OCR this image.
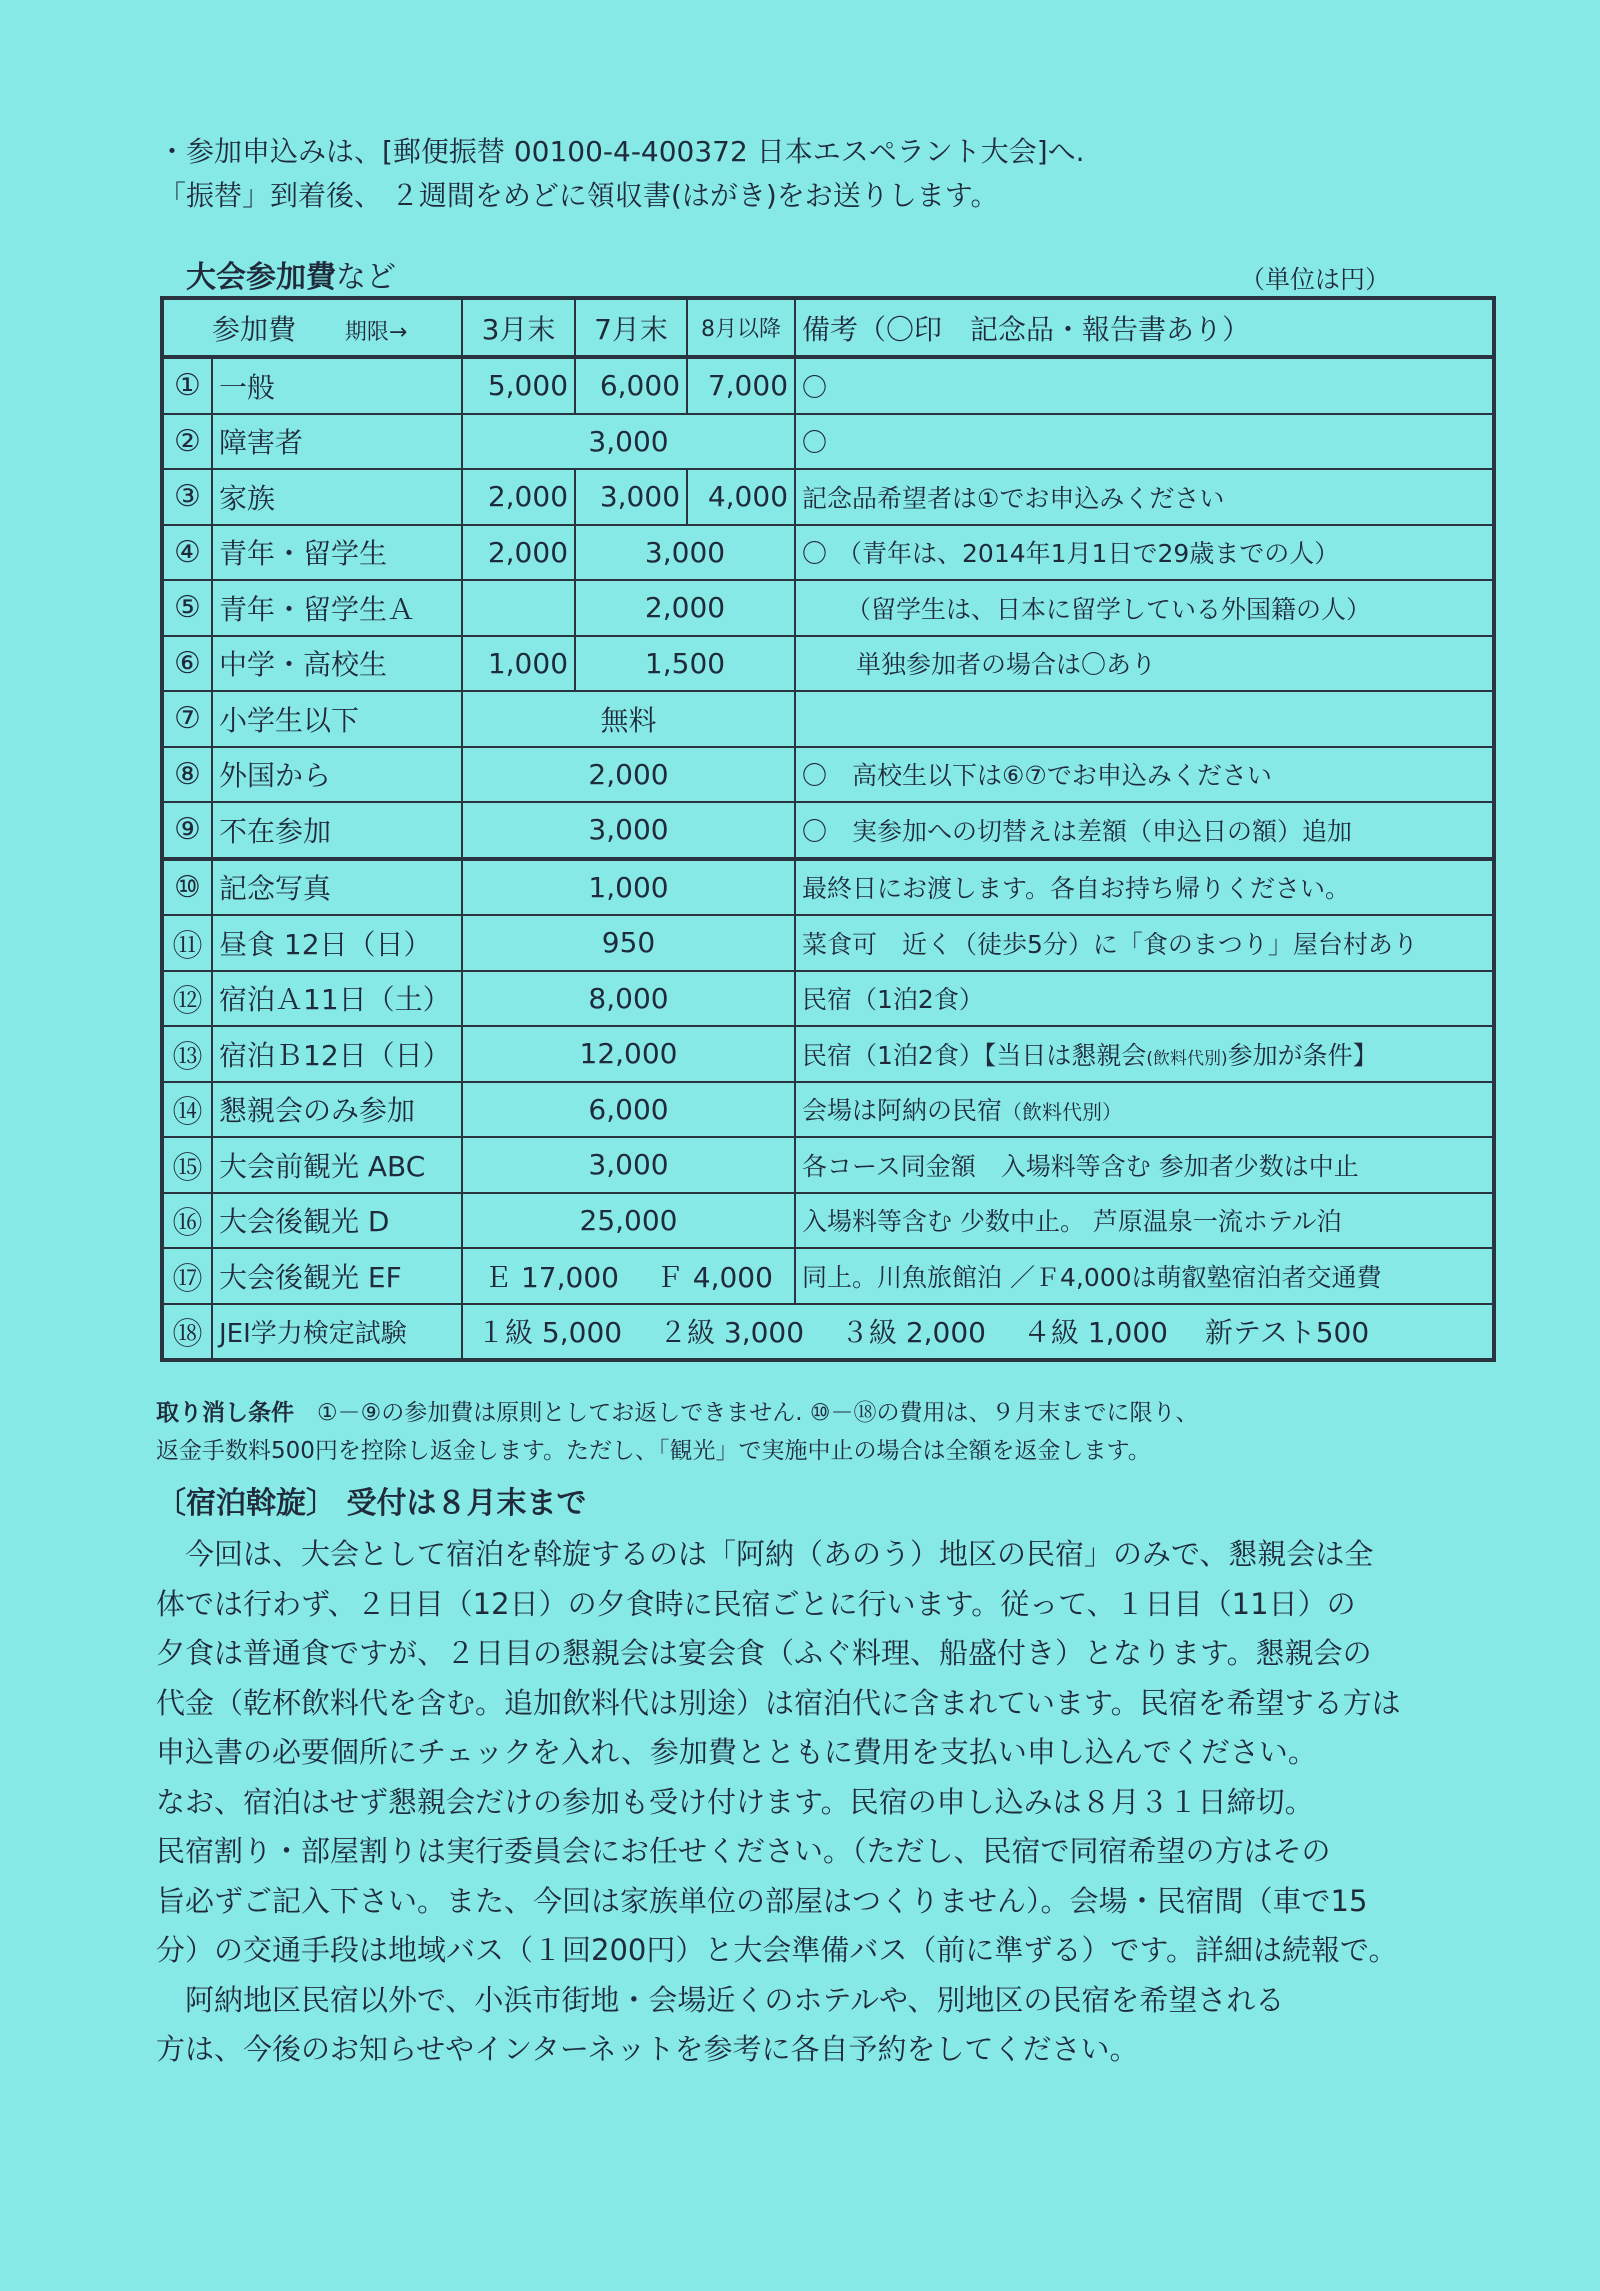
・参加申込みは、[郵便振替 00100-4-400372 日本エスペラント大会]へ.
「振替」到着後、 ２週間をめどに領収書(はがき)をお送りします。
大会参加費など	（単位は円）
参加費 期限→		3月末	7月末	8月以降	備考（〇印　記念品・報告書あり）
①	一般	5,000	6,000	7,000	〇
②	障害者	3,000			〇
③	家族	2,000	3,000	4,000	記念品希望者は①でお申込みください
④	青年・留学生	2,000	3,000		〇 （青年は、2014年1月1日で29歳までの人）
⑤	青年・留学生Ａ		2,000		（留学生は、日本に留学している外国籍の人）
⑥	中学・高校生	1,000	1,500		単独参加者の場合は〇あり
⑦	小学生以下	無料			
⑧	外国から	2,000			〇　高校生以下は⑥⑦でお申込みください
⑨	不在参加	3,000			〇　実参加への切替えは差額（申込日の額）追加
⑩	記念写真	1,000			最終日にお渡します。各自お持ち帰りください。
⑪	昼食 12日（日）	950			菜食可　近く（徒歩5分）に「食のまつり」屋台村あり
⑫	宿泊Ａ11日（土）	8,000			民宿（1泊2食）
⑬	宿泊Ｂ12日（日）	12,000			民宿（1泊2食）【当日は懇親会(飲料代別)参加が条件】
⑭	懇親会のみ参加	6,000			会場は阿納の民宿（飲料代別）
⑮	大会前観光 ABC	3,000			各コース同金額　入場料等含む 参加者少数は中止
⑯	大会後観光 D	25,000			入場料等含む 少数中止。 芦原温泉一流ホテル泊
⑰	大会後観光 EF	Ｅ 17,000　 Ｆ 4,000			同上。川魚旅館泊 ／Ｆ4,000は萌叡塾宿泊者交通費
⑱	JEI学力検定試験	１級 5,000　 ２級 3,000　 ３級 2,000　 ４級 1,000　 新テスト500			
取り消し条件　①－⑨の参加費は原則としてお返しできません. ⑩－⑱の費用は、９月末までに限り、
返金手数料500円を控除し返金します。ただし、「観光」で実施中止の場合は全額を返金します。
〔宿泊斡旋〕 受付は８月末まで

　今回は、大会として宿泊を斡旋するのは「阿納（あのう）地区の民宿」のみで、懇親会は全

体では行わず、２日目（12日）の夕食時に民宿ごとに行います。従って、１日目（11日）の

夕食は普通食ですが、２日目の懇親会は宴会食（ふぐ料理、船盛付き）となります。懇親会の

代金（乾杯飲料代を含む。追加飲料代は別途）は宿泊代に含まれています。民宿を希望する方は

申込書の必要個所にチェックを入れ、参加費とともに費用を支払い申し込んでください。

なお、宿泊はせず懇親会だけの参加も受け付けます。民宿の申し込みは８月３１日締切。

民宿割り・部屋割りは実行委員会にお任せください。（ただし、民宿で同宿希望の方はその

旨必ずご記入下さい。また、今回は家族単位の部屋はつくりません）。会場・民宿間（車で15

分）の交通手段は地域バス（１回200円）と大会準備バス（前に準ずる）です。詳細は続報で。

　阿納地区民宿以外で、小浜市街地・会場近くのホテルや、別地区の民宿を希望される

方は、今後のお知らせやインターネットを参考に各自予約をしてください。
